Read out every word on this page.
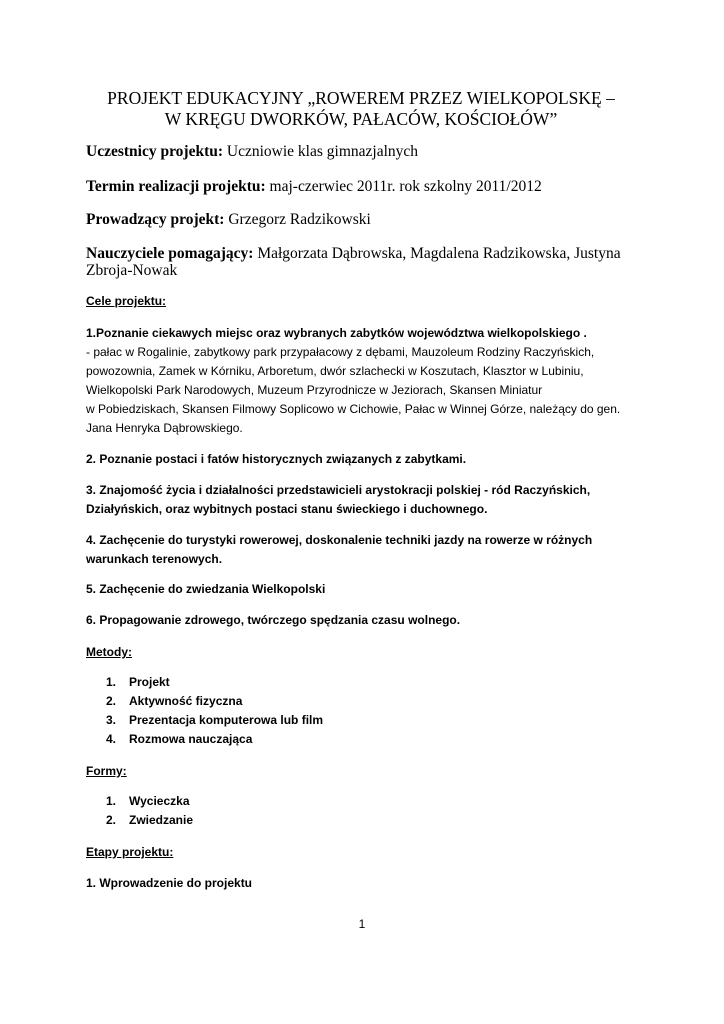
PROJEKT EDUKACYJNY „ROWEREM PRZEZ WIELKOPOLSKĘ –
W KRĘGU DWORKÓW, PAŁACÓW, KOŚCIOŁÓW”
Uczestnicy projektu: Uczniowie klas gimnazjalnych
Termin realizacji projektu: maj-czerwiec 2011r. rok szkolny 2011/2012
Prowadzący projekt: Grzegorz Radzikowski
Nauczyciele pomagający: Małgorzata Dąbrowska, Magdalena Radzikowska, Justyna Zbroja-Nowak
Cele projektu:
1.Poznanie ciekawych miejsc oraz wybranych zabytków województwa wielkopolskiego .
- pałac w Rogalinie, zabytkowy park przypałacowy z dębami, Mauzoleum Rodziny Raczyńskich,
powozownia, Zamek w Kórniku, Arboretum, dwór szlachecki w Koszutach, Klasztor w Lubiniu,
Wielkopolski Park Narodowych, Muzeum Przyrodnicze w Jeziorach, Skansen Miniatur
w Pobiedziskach, Skansen Filmowy Soplicowo w Cichowie, Pałac w Winnej Górze, należący do gen.
Jana Henryka Dąbrowskiego.
2. Poznanie postaci i fatów historycznych związanych z zabytkami.
3. Znajomość życia i działalności przedstawicieli arystokracji polskiej - ród Raczyńskich,
Działyńskich, oraz wybitnych postaci stanu świeckiego i duchownego.
4. Zachęcenie do turystyki rowerowej, doskonalenie techniki jazdy na rowerze w różnych
warunkach terenowych.
5. Zachęcenie do zwiedzania Wielkopolski
6. Propagowanie zdrowego, twórczego spędzania czasu wolnego.
Metody:
1. Projekt
2. Aktywność fizyczna
3. Prezentacja komputerowa lub film
4. Rozmowa nauczająca
Formy:
1. Wycieczka
2. Zwiedzanie
Etapy projektu:
1. Wprowadzenie do projektu
1
